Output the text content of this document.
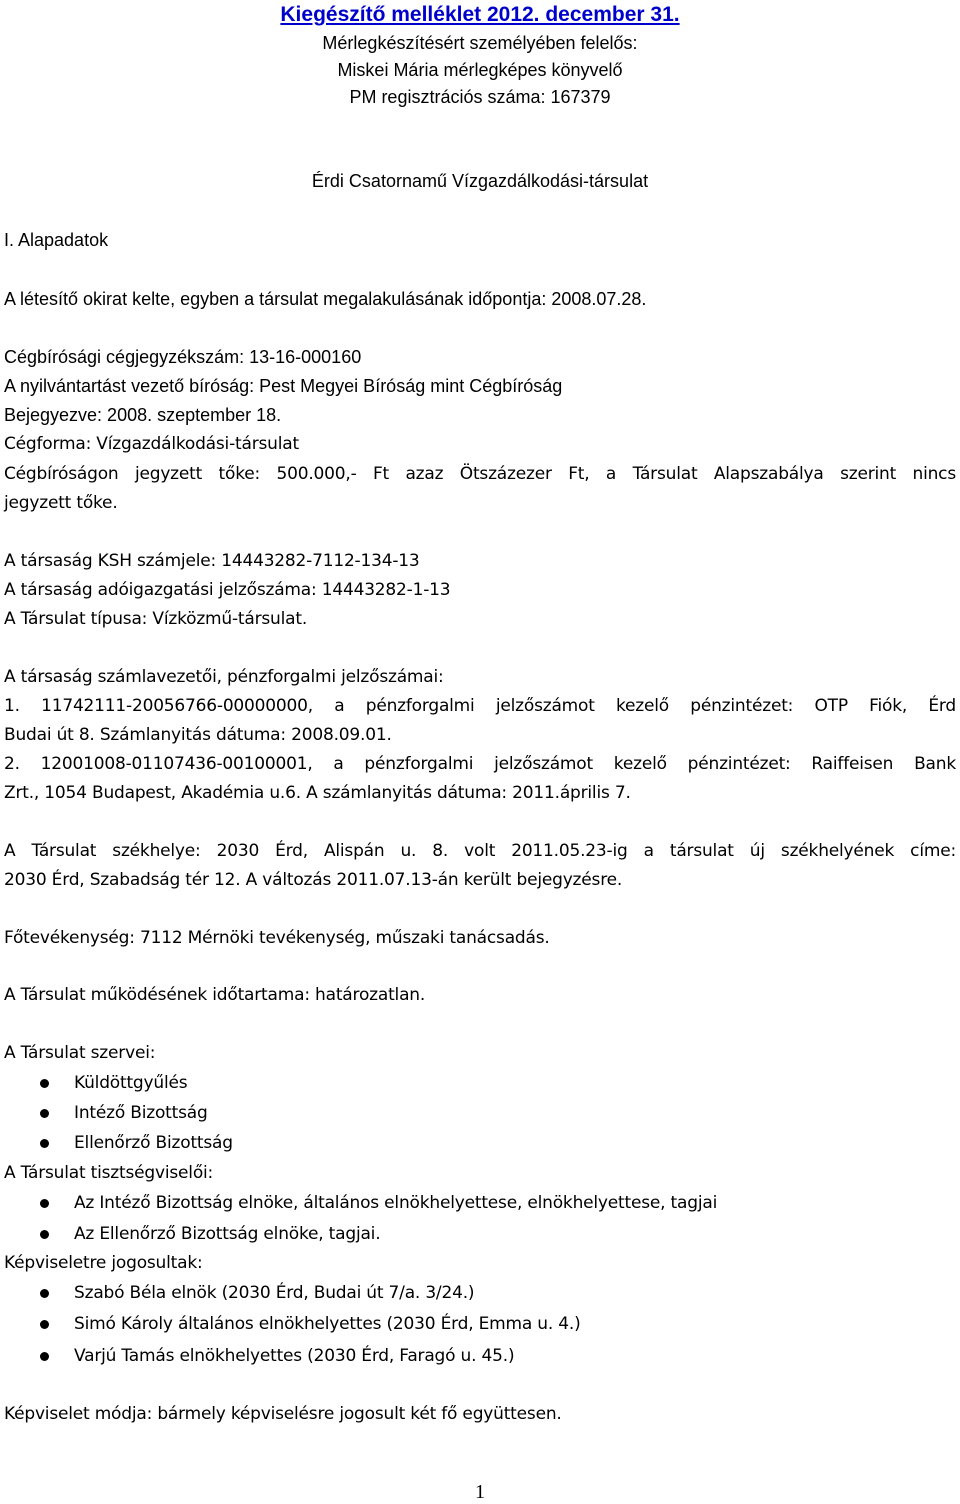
Kiegészítő melléklet 2012. december 31.
Mérlegkészítésért személyében felelős:
Miskei Mária mérlegképes könyvelő
PM regisztrációs száma: 167379
Érdi Csatornamű Vízgazdálkodási-társulat
I. Alapadatok
A létesítő okirat kelte, egyben a társulat megalakulásának időpontja: 2008.07.28.
Cégbírósági cégjegyzékszám: 13-16-000160
A nyilvántartást vezető bíróság: Pest Megyei Bíróság mint Cégbíróság
Bejegyezve: 2008. szeptember 18.
Cégforma: Vízgazdálkodási-társulat
Cégbíróságon jegyzett tőke: 500.000,- Ft azaz Ötszázezer Ft, a Társulat Alapszabálya szerint nincs
jegyzett tőke.
A társaság KSH számjele: 14443282-7112-134-13
A társaság adóigazgatási jelzőszáma: 14443282-1-13
A Társulat típusa: Vízközmű-társulat.
A társaság számlavezetői, pénzforgalmi jelzőszámai:
1. 11742111-20056766-00000000, a pénzforgalmi jelzőszámot kezelő pénzintézet: OTP Fiók, Érd
Budai út 8. Számlanyitás dátuma: 2008.09.01.
2. 12001008-01107436-00100001, a pénzforgalmi jelzőszámot kezelő pénzintézet: Raiffeisen Bank
Zrt., 1054 Budapest, Akadémia u.6. A számlanyitás dátuma: 2011.április 7.
A Társulat székhelye: 2030 Érd, Alispán u. 8. volt 2011.05.23-ig a társulat új székhelyének címe:
2030 Érd, Szabadság tér 12. A változás 2011.07.13-án került bejegyzésre.
Főtevékenység: 7112 Mérnöki tevékenység, műszaki tanácsadás.
A Társulat működésének időtartama: határozatlan.
A Társulat szervei:
Küldöttgyűlés
Intéző Bizottság
Ellenőrző Bizottság
A Társulat tisztségviselői:
Az Intéző Bizottság elnöke, általános elnökhelyettese, elnökhelyettese, tagjai
Az Ellenőrző Bizottság elnöke, tagjai.
Képviseletre jogosultak:
Szabó Béla elnök (2030 Érd, Budai út 7/a. 3/24.)
Simó Károly általános elnökhelyettes (2030 Érd, Emma u. 4.)
Varjú Tamás elnökhelyettes (2030 Érd, Faragó u. 45.)
Képviselet módja: bármely képviselésre jogosult két fő együttesen.
1
